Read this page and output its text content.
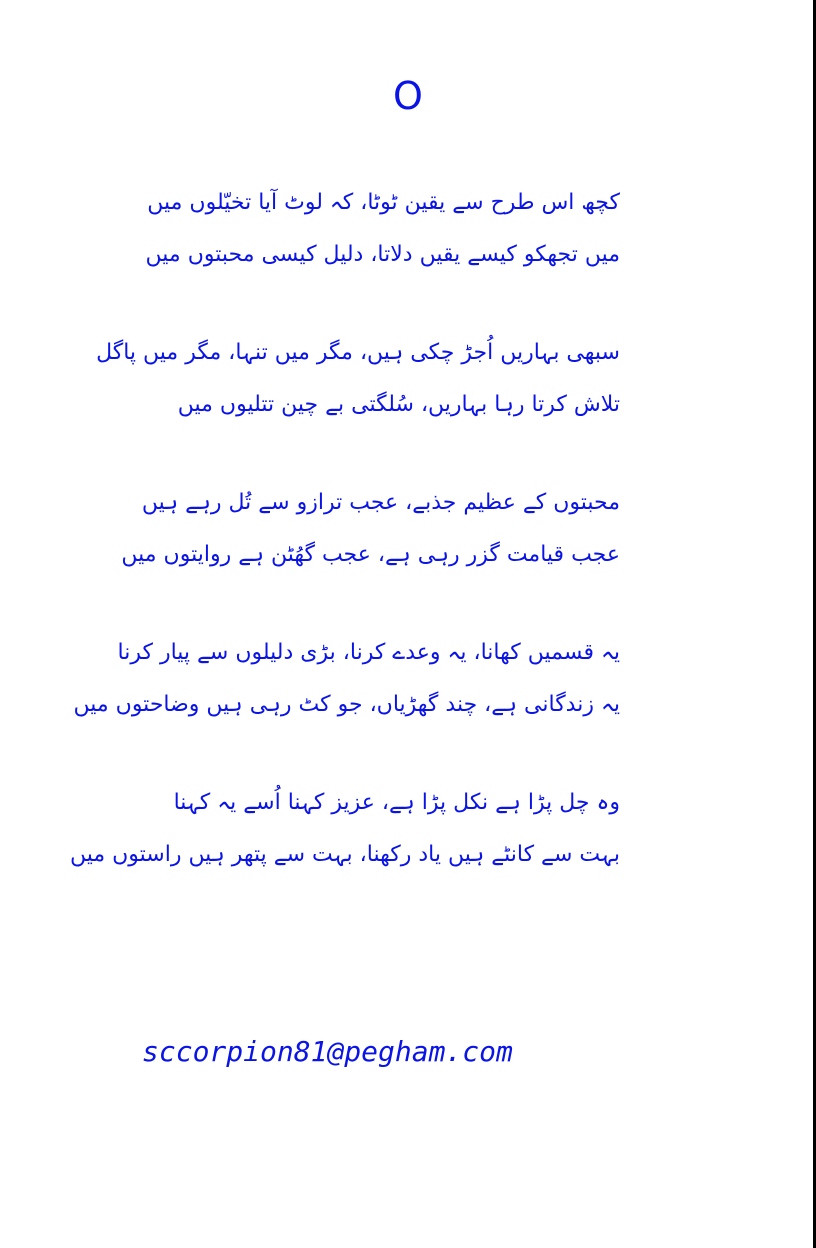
O
کچھ اس طرح سے یقین ٹوٹا، کہ لوٹ آیا تخیّلوں میں
میں تجھکو کیسے یقیں دلاتا، دلیل کیسی محبتوں میں
سبھی بہاریں اُجڑ چکی ہیں، مگر میں تنہا، مگر میں پاگل
تلاش کرتا رہا بہاریں، سُلگتی بے چین تتلیوں میں
محبتوں کے عظیم جذبے، عجب ترازو سے تُل رہے ہیں
عجب قیامت گزر رہی ہے، عجب گھُٹن ہے روایتوں میں
یہ قسمیں کھانا، یہ وعدے کرنا، بڑی دلیلوں سے پیار کرنا
یہ زندگانی ہے، چند گھڑیاں، جو کٹ رہی ہیں وضاحتوں میں
وہ چل پڑا ہے نکل پڑا ہے، عزیز کہنا اُسے یہ کہنا
بہت سے کانٹے ہیں یاد رکھنا، بہت سے پتھر ہیں راستوں میں
sccorpion81@pegham.com
